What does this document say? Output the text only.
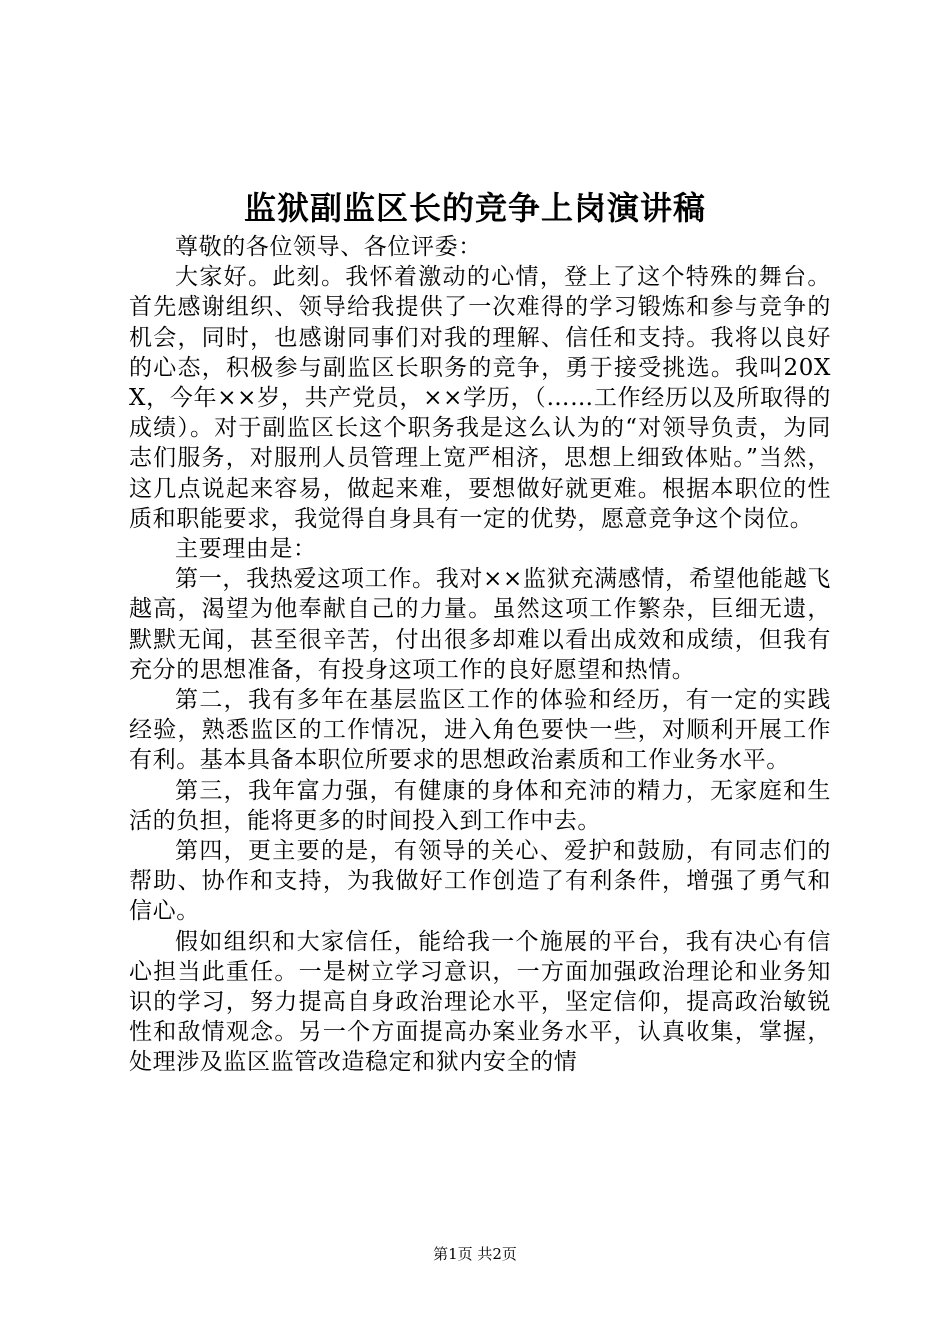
监狱副监区长的竞争上岗演讲稿

尊敬的各位领导、各位评委：

大家好。此刻。我怀着激动的心情，登上了这个特殊的舞台。首先感谢组织、领导给我提供了一次难得的学习锻炼和参与竞争的机会，同时，也感谢同事们对我的理解、信任和支持。我将以良好的心态，积极参与副监区长职务的竞争，勇于接受挑选。我叫20XX，今年××岁，共产党员，××学历，（……工作经历以及所取得的成绩）。对于副监区长这个职务我是这么认为的“对领导负责，为同志们服务，对服刑人员管理上宽严相济，思想上细致体贴。”当然，这几点说起来容易，做起来难，要想做好就更难。根据本职位的性质和职能要求，我觉得自身具有一定的优势，愿意竞争这个岗位。

主要理由是：

第一，我热爱这项工作。我对××监狱充满感情，希望他能越飞越高，渴望为他奉献自己的力量。虽然这项工作繁杂，巨细无遗，默默无闻，甚至很辛苦，付出很多却难以看出成效和成绩，但我有充分的思想准备，有投身这项工作的良好愿望和热情。

第二，我有多年在基层监区工作的体验和经历，有一定的实践经验，熟悉监区的工作情况，进入角色要快一些，对顺利开展工作有利。基本具备本职位所要求的思想政治素质和工作业务水平。

第三，我年富力强，有健康的身体和充沛的精力，无家庭和生活的负担，能将更多的时间投入到工作中去。

第四，更主要的是，有领导的关心、爱护和鼓励，有同志们的帮助、协作和支持，为我做好工作创造了有利条件，增强了勇气和信心。

假如组织和大家信任，能给我一个施展的平台，我有决心有信心担当此重任。一是树立学习意识，一方面加强政治理论和业务知识的学习，努力提高自身政治理论水平，坚定信仰，提高政治敏锐性和敌情观念。另一个方面提高办案业务水平，认真收集，掌握，处理涉及监区监管改造稳定和狱内安全的情

第1页 共2页
